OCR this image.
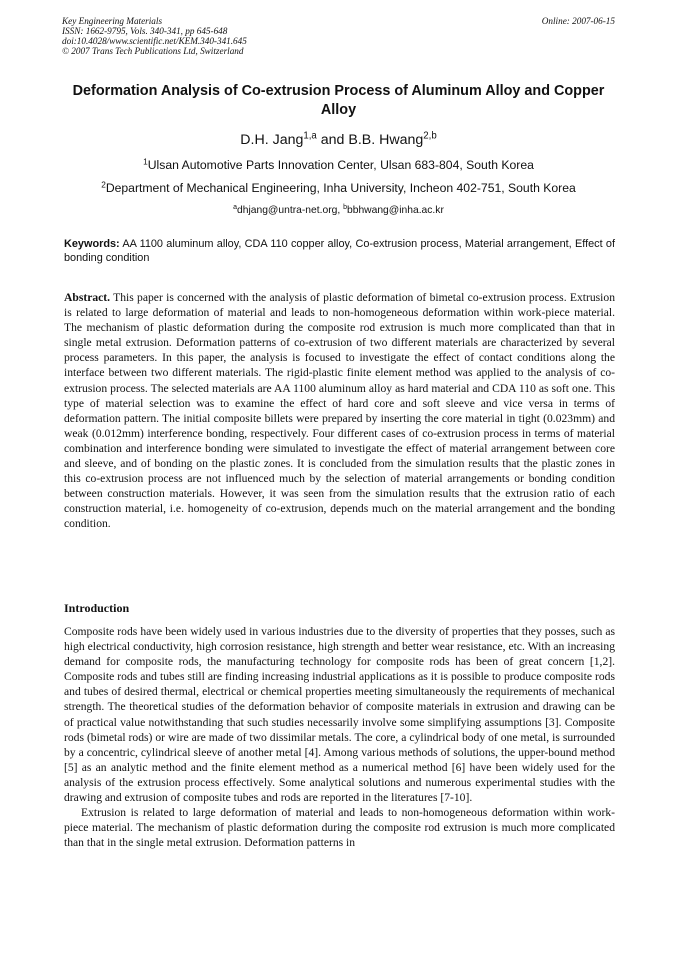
Key Engineering Materials
ISSN: 1662-9795, Vols. 340-341, pp 645-648
doi:10.4028/www.scientific.net/KEM.340-341.645
© 2007 Trans Tech Publications Ltd, Switzerland
Online: 2007-06-15
Deformation Analysis of Co-extrusion Process of Aluminum Alloy and Copper Alloy
D.H. Jang$^{1,a}$ and B.B. Hwang$^{2,b}$
$^1$Ulsan Automotive Parts Innovation Center, Ulsan 683-804, South Korea
$^2$Department of Mechanical Engineering, Inha University, Incheon 402-751, South Korea
$^a$dhjang@untra-net.org, $^b$bbhwang@inha.ac.kr
Keywords: AA 1100 aluminum alloy, CDA 110 copper alloy, Co-extrusion process, Material arrangement, Effect of bonding condition
Abstract. This paper is concerned with the analysis of plastic deformation of bimetal co-extrusion process. Extrusion is related to large deformation of material and leads to non-homogeneous deformation within work-piece material. The mechanism of plastic deformation during the composite rod extrusion is much more complicated than that in single metal extrusion. Deformation patterns of co-extrusion of two different materials are characterized by several process parameters. In this paper, the analysis is focused to investigate the effect of contact conditions along the interface between two different materials. The rigid-plastic finite element method was applied to the analysis of co-extrusion process. The selected materials are AA 1100 aluminum alloy as hard material and CDA 110 as soft one. This type of material selection was to examine the effect of hard core and soft sleeve and vice versa in terms of deformation pattern. The initial composite billets were prepared by inserting the core material in tight (0.023mm) and weak (0.012mm) interference bonding, respectively. Four different cases of co-extrusion process in terms of material combination and interference bonding were simulated to investigate the effect of material arrangement between core and sleeve, and of bonding on the plastic zones. It is concluded from the simulation results that the plastic zones in this co-extrusion process are not influenced much by the selection of material arrangements or bonding condition between construction materials. However, it was seen from the simulation results that the extrusion ratio of each construction material, i.e. homogeneity of co-extrusion, depends much on the material arrangement and the bonding condition.
Introduction

Composite rods have been widely used in various industries due to the diversity of properties that they posses, such as high electrical conductivity, high corrosion resistance, high strength and better wear resistance, etc. With an increasing demand for composite rods, the manufacturing technology for composite rods has been of great concern [1,2]. Composite rods and tubes still are finding increasing industrial applications as it is possible to produce composite rods and tubes of desired thermal, electrical or chemical properties meeting simultaneously the requirements of mechanical strength. The theoretical studies of the deformation behavior of composite materials in extrusion and drawing can be of practical value notwithstanding that such studies necessarily involve some simplifying assumptions [3]. Composite rods (bimetal rods) or wire are made of two dissimilar metals. The core, a cylindrical body of one metal, is surrounded by a concentric, cylindrical sleeve of another metal [4]. Among various methods of solutions, the upper-bound method [5] as an analytic method and the finite element method as a numerical method [6] have been widely used for the analysis of the extrusion process effectively. Some analytical solutions and numerous experimental studies with the drawing and extrusion of composite tubes and rods are reported in the literatures [7-10].

Extrusion is related to large deformation of material and leads to non-homogeneous deformation within work-piece material. The mechanism of plastic deformation during the composite rod extrusion is much more complicated than that in the single metal extrusion. Deformation patterns in
